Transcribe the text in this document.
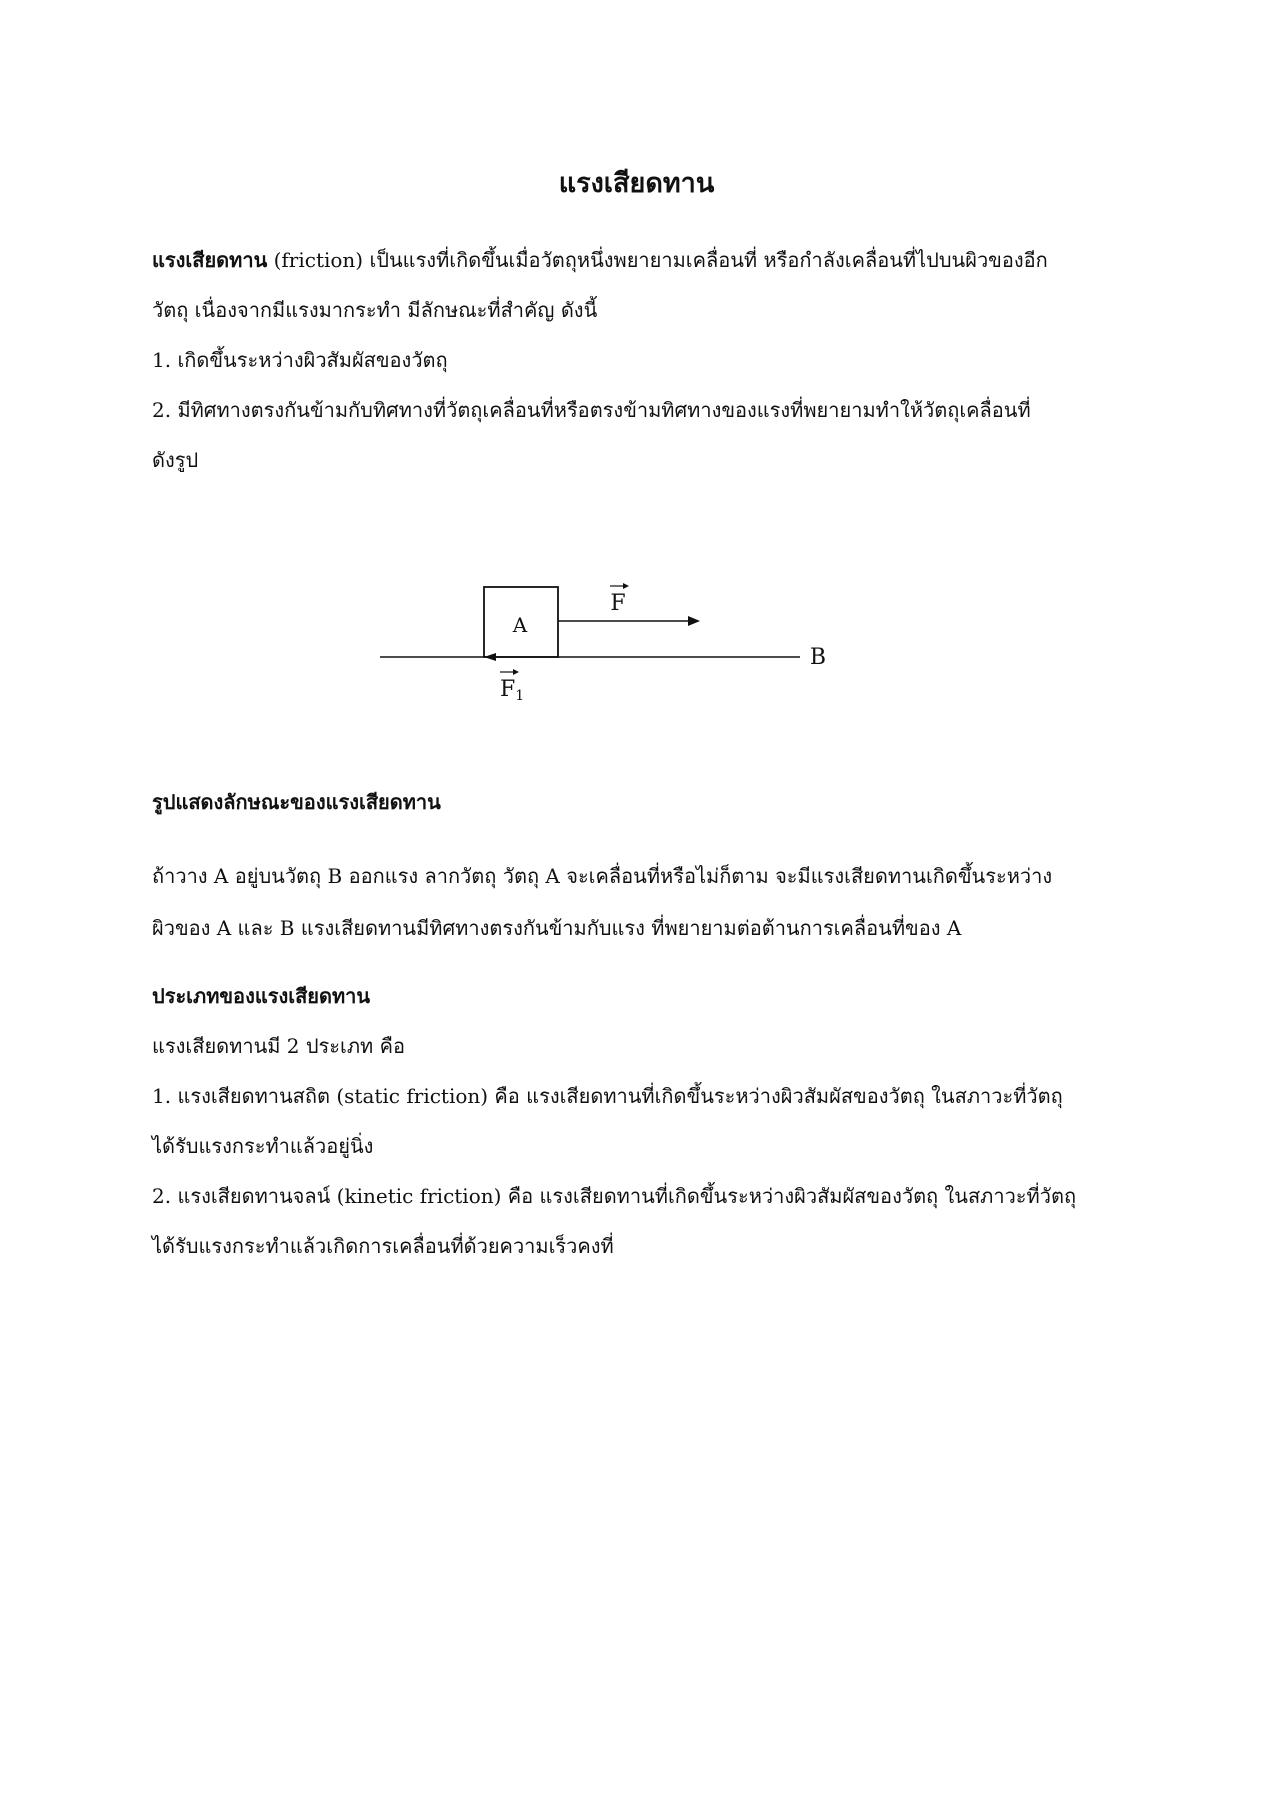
แรงเสียดทาน

แรงเสียดทาน (friction) เป็นแรงที่เกิดขึ้นเมื่อวัตถุหนึ่งพยายามเคลื่อนที่ หรือกำลังเคลื่อนที่ไปบนผิวของอีก

วัตถุ เนื่องจากมีแรงมากระทำ มีลักษณะที่สำคัญ ดังนี้

1. เกิดขึ้นระหว่างผิวสัมผัสของวัตถุ

2. มีทิศทางตรงกันข้ามกับทิศทางที่วัตถุเคลื่อนที่หรือตรงข้ามทิศทางของแรงที่พยายามทำให้วัตถุเคลื่อนที่

ดังรูป

A
B
F
F1

รูปแสดงลักษณะของแรงเสียดทาน

ถ้าวาง A อยู่บนวัตถุ B ออกแรง ลากวัตถุ วัตถุ A จะเคลื่อนที่หรือไม่ก็ตาม จะมีแรงเสียดทานเกิดขึ้นระหว่าง

ผิวของ A และ B แรงเสียดทานมีทิศทางตรงกันข้ามกับแรง ที่พยายามต่อต้านการเคลื่อนที่ของ A

ประเภทของแรงเสียดทาน

แรงเสียดทานมี 2 ประเภท คือ

1. แรงเสียดทานสถิต (static friction) คือ แรงเสียดทานที่เกิดขึ้นระหว่างผิวสัมผัสของวัตถุ ในสภาวะที่วัตถุ

ได้รับแรงกระทำแล้วอยู่นิ่ง

2. แรงเสียดทานจลน์ (kinetic friction) คือ แรงเสียดทานที่เกิดขึ้นระหว่างผิวสัมผัสของวัตถุ ในสภาวะที่วัตถุ

ได้รับแรงกระทำแล้วเกิดการเคลื่อนที่ด้วยความเร็วคงที่
